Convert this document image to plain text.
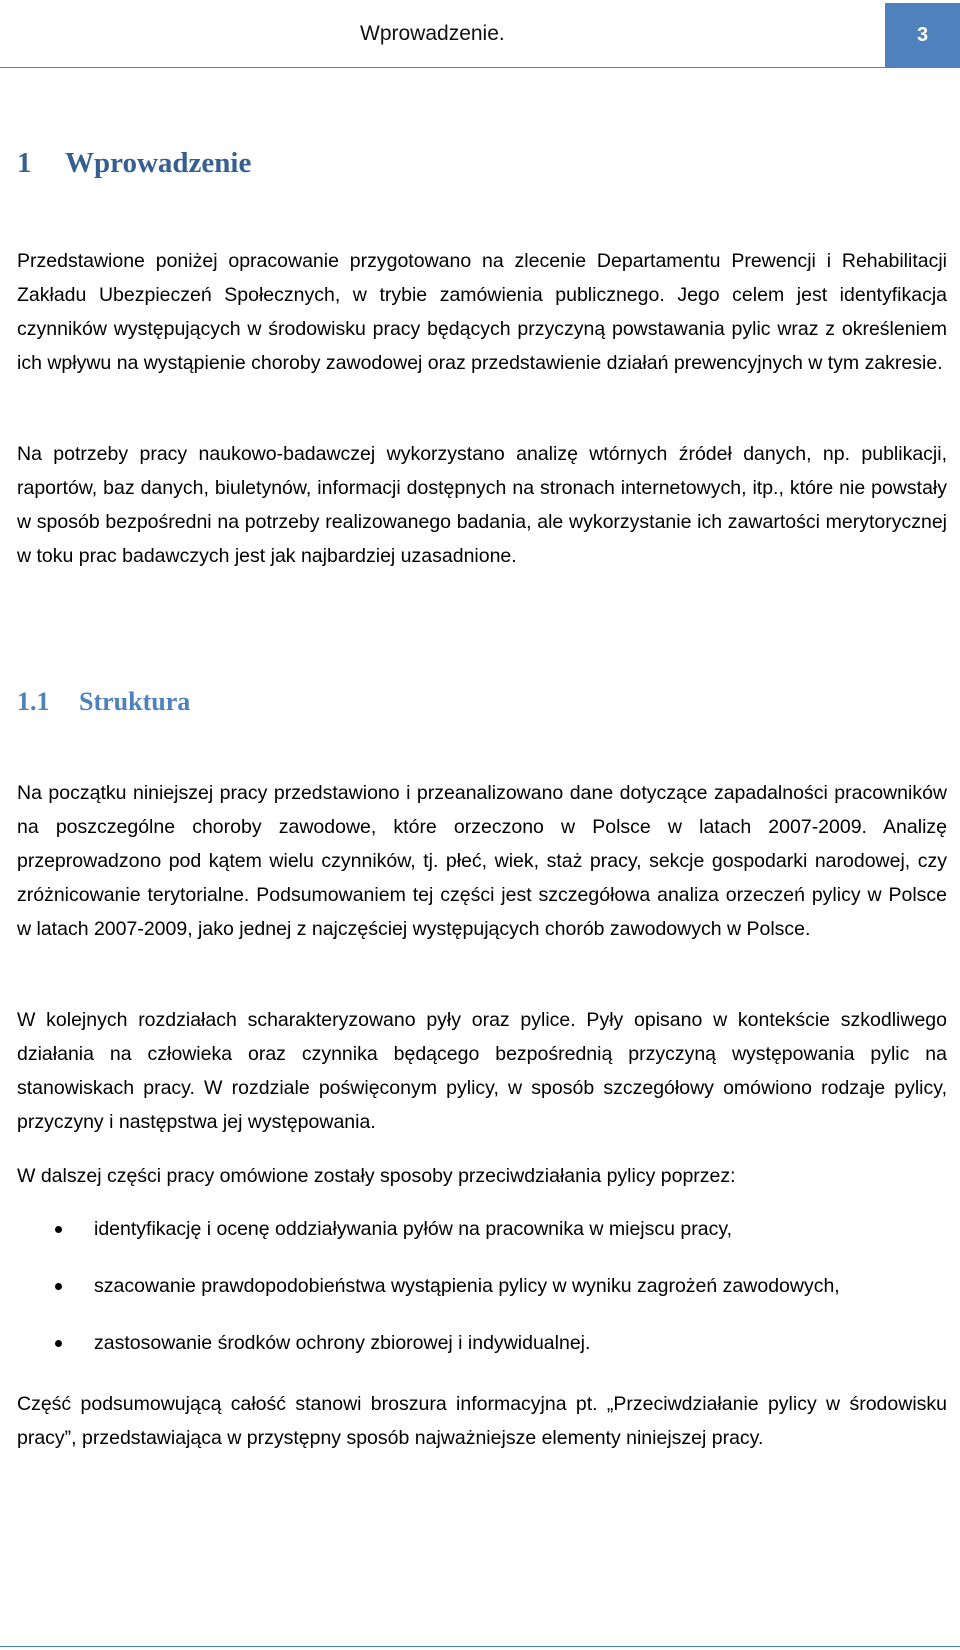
Wprowadzenie.	3
1 Wprowadzenie

Przedstawione poniżej opracowanie przygotowano na zlecenie Departamentu Prewencji i Rehabilitacji Zakładu Ubezpieczeń Społecznych, w trybie zamówienia publicznego. Jego celem jest identyfikacja czynników występujących w środowisku pracy będących przyczyną powstawania pylic wraz z określeniem ich wpływu na wystąpienie choroby zawodowej oraz przedstawienie działań prewencyjnych w tym zakresie.

Na potrzeby pracy naukowo-badawczej wykorzystano analizę wtórnych źródeł danych, np. publikacji, raportów, baz danych, biuletynów, informacji dostępnych na stronach internetowych, itp., które nie powstały w sposób bezpośredni na potrzeby realizowanego badania, ale wykorzystanie ich zawartości merytorycznej w toku prac badawczych jest jak najbardziej uzasadnione.

1.1 Struktura

Na początku niniejszej pracy przedstawiono i przeanalizowano dane dotyczące zapadalności pracowników na poszczególne choroby zawodowe, które orzeczono w Polsce w latach 2007-2009. Analizę przeprowadzono pod kątem wielu czynników, tj. płeć, wiek, staż pracy, sekcje gospodarki narodowej, czy zróżnicowanie terytorialne. Podsumowaniem tej części jest szczegółowa analiza orzeczeń pylicy w Polsce w latach 2007-2009, jako jednej z najczęściej występujących chorób zawodowych w Polsce.

W kolejnych rozdziałach scharakteryzowano pyły oraz pylice. Pyły opisano w kontekście szkodliwego działania na człowieka oraz czynnika będącego bezpośrednią przyczyną występowania pylic na stanowiskach pracy. W rozdziale poświęconym pylicy, w sposób szczegółowy omówiono rodzaje pylicy, przyczyny i następstwa jej występowania.

W dalszej części pracy omówione zostały sposoby przeciwdziałania pylicy poprzez:

identyfikację i ocenę oddziaływania pyłów na pracownika w miejscu pracy,
szacowanie prawdopodobieństwa wystąpienia pylicy w wyniku zagrożeń zawodowych,
zastosowanie środków ochrony zbiorowej i indywidualnej.

Część podsumowującą całość stanowi broszura informacyjna pt. „Przeciwdziałanie pylicy w środowisku pracy”, przedstawiająca w przystępny sposób najważniejsze elementy niniejszej pracy.
